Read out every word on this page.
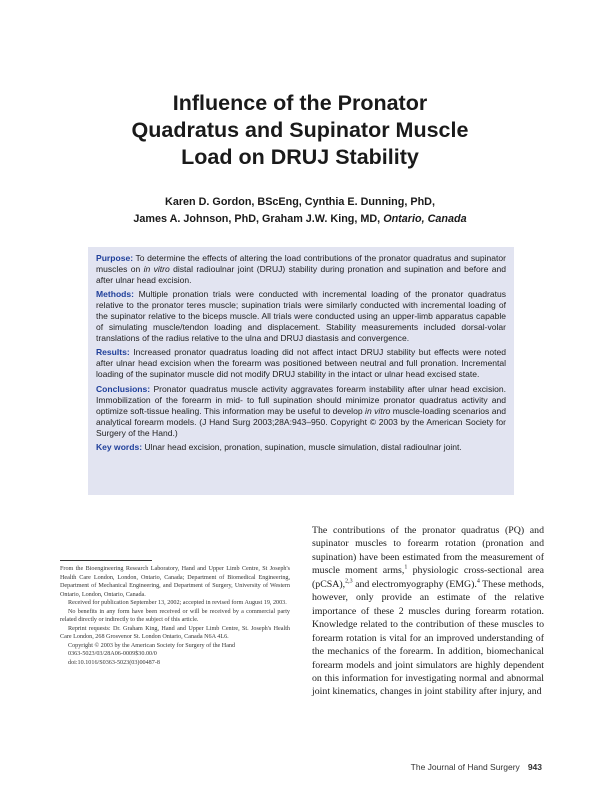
Influence of the Pronator
Quadratus and Supinator Muscle
Load on DRUJ Stability
Karen D. Gordon, BScEng, Cynthia E. Dunning, PhD,
James A. Johnson, PhD, Graham J.W. King, MD, Ontario, Canada

Purpose: To determine the effects of altering the load contributions of the pronator quadratus and supinator muscles on in vitro distal radioulnar joint (DRUJ) stability during pronation and supination and before and after ulnar head excision.

Methods: Multiple pronation trials were conducted with incremental loading of the pronator quadratus relative to the pronator teres muscle; supination trials were similarly conducted with incremental loading of the supinator relative to the biceps muscle. All trials were conducted using an upper-limb apparatus capable of simulating muscle/tendon loading and displacement. Stability measurements included dorsal-volar translations of the radius relative to the ulna and DRUJ diastasis and convergence.

Results: Increased pronator quadratus loading did not affect intact DRUJ stability but effects were noted after ulnar head excision when the forearm was positioned between neutral and full pronation. Incremental loading of the supinator muscle did not modify DRUJ stability in the intact or ulnar head excised state.

Conclusions: Pronator quadratus muscle activity aggravates forearm instability after ulnar head excision. Immobilization of the forearm in mid- to full supination should minimize pronator quadratus activity and optimize soft-tissue healing. This information may be useful to develop in vitro muscle-loading scenarios and analytical forearm models. (J Hand Surg 2003;28A:943–950. Copyright © 2003 by the American Society for Surgery of the Hand.)

Key words: Ulnar head excision, pronation, supination, muscle simulation, distal radioulnar joint.

From the Bioengineering Research Laboratory, Hand and Upper Limb Centre, St Joseph's Health Care London, London, Ontario, Canada; Department of Biomedical Engineering, Department of Mechanical Engineering, and Department of Surgery, University of Western Ontario, London, Ontario, Canada.

Received for publication September 13, 2002; accepted in revised form August 19, 2003.

No benefits in any form have been received or will be received by a commercial party related directly or indirectly to the subject of this article.

Reprint requests: Dr. Graham King, Hand and Upper Limb Centre, St. Joseph's Health Care London, 268 Grosvenor St. London Ontario, Canada N6A 4L6.

Copyright © 2003 by the American Society for Surgery of the Hand

0363-5023/03/28A06-0009$30.00/0

doi:10.1016/S0363-5023(03)00487-8

The contributions of the pronator quadratus (PQ) and supinator muscles to forearm rotation (pronation and supination) have been estimated from the measurement of muscle moment arms,$^1$ physiologic cross-sectional area (pCSA),$^{2,3}$ and electromyography (EMG).$^4$ These methods, however, only provide an estimate of the relative importance of these 2 muscles during forearm rotation. Knowledge related to the contribution of these muscles to forearm rotation is vital for an improved understanding of the mechanics of the forearm. In addition, biomechanical forearm models and joint simulators are highly dependent on this information for investigating normal and abnormal joint kinematics, changes in joint stability after injury, and
The Journal of Hand Surgery 943
